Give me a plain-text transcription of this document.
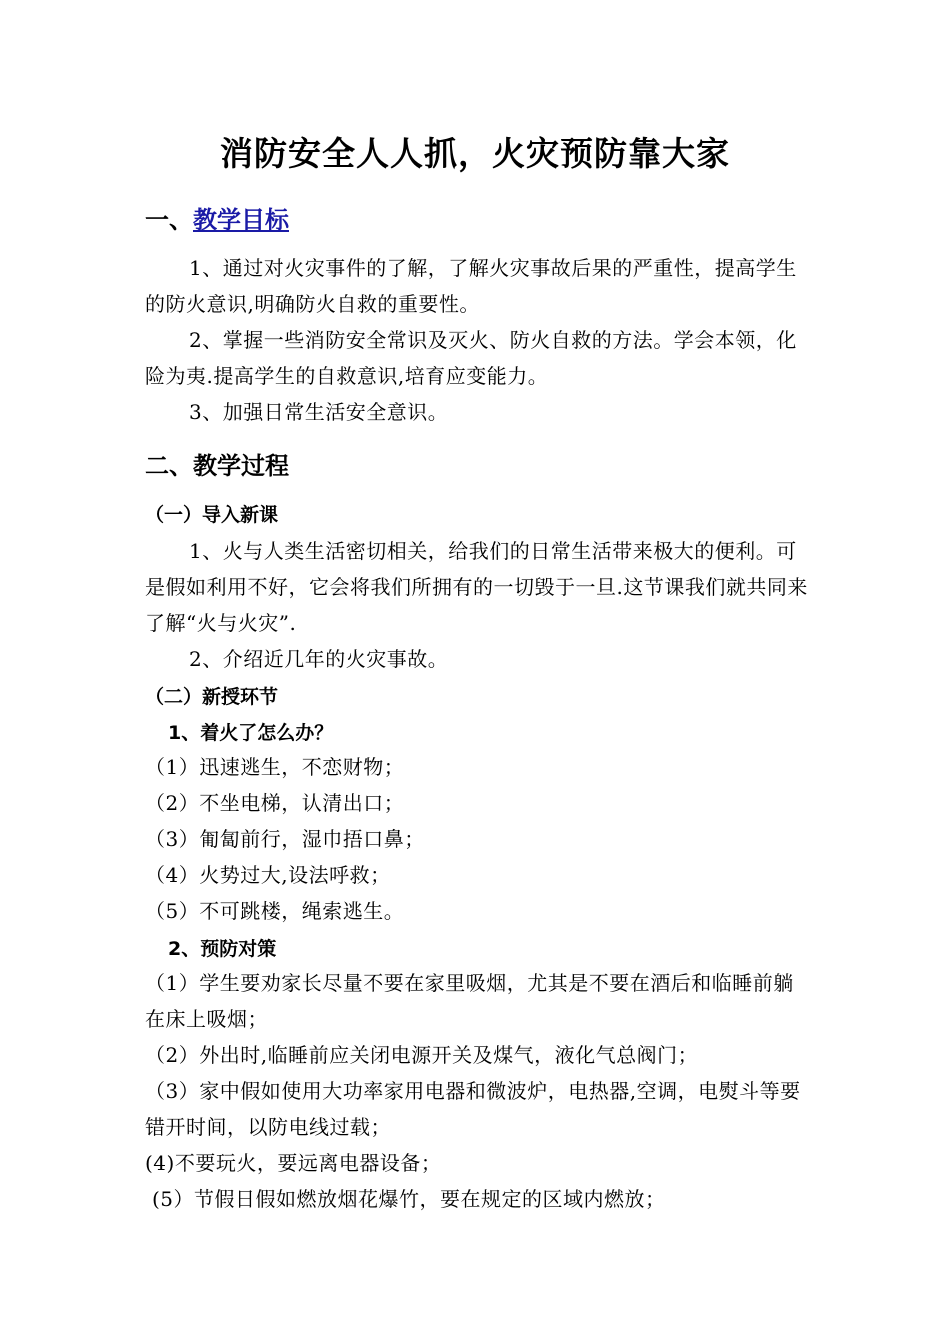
消防安全人人抓，火灾预防靠大家
一、教学目标
1、通过对火灾事件的了解，了解火灾事故后果的严重性，提高学生的防火意识,明确防火自救的重要性。
2、掌握一些消防安全常识及灭火、防火自救的方法。学会本领，化险为夷.提高学生的自救意识,培育应变能力。
3、加强日常生活安全意识。
二、教学过程
（一）导入新课
1、火与人类生活密切相关，给我们的日常生活带来极大的便利。可是假如利用不好，它会将我们所拥有的一切毁于一旦.这节课我们就共同来了解“火与火灾”.
2、介绍近几年的火灾事故。
（二）新授环节
1、着火了怎么办？
（1）迅速逃生，不恋财物；
（2）不坐电梯，认清出口；
（3）匍匐前行，湿巾捂口鼻；
（4）火势过大,设法呼救；
（5）不可跳楼，绳索逃生。
2、预防对策
（1）学生要劝家长尽量不要在家里吸烟，尤其是不要在酒后和临睡前躺在床上吸烟；
（2）外出时,临睡前应关闭电源开关及煤气，液化气总阀门；
（3）家中假如使用大功率家用电器和微波炉，电热器,空调，电熨斗等要错开时间，以防电线过载；
(4)不要玩火，要远离电器设备；
(5）节假日假如燃放烟花爆竹，要在规定的区域内燃放；
